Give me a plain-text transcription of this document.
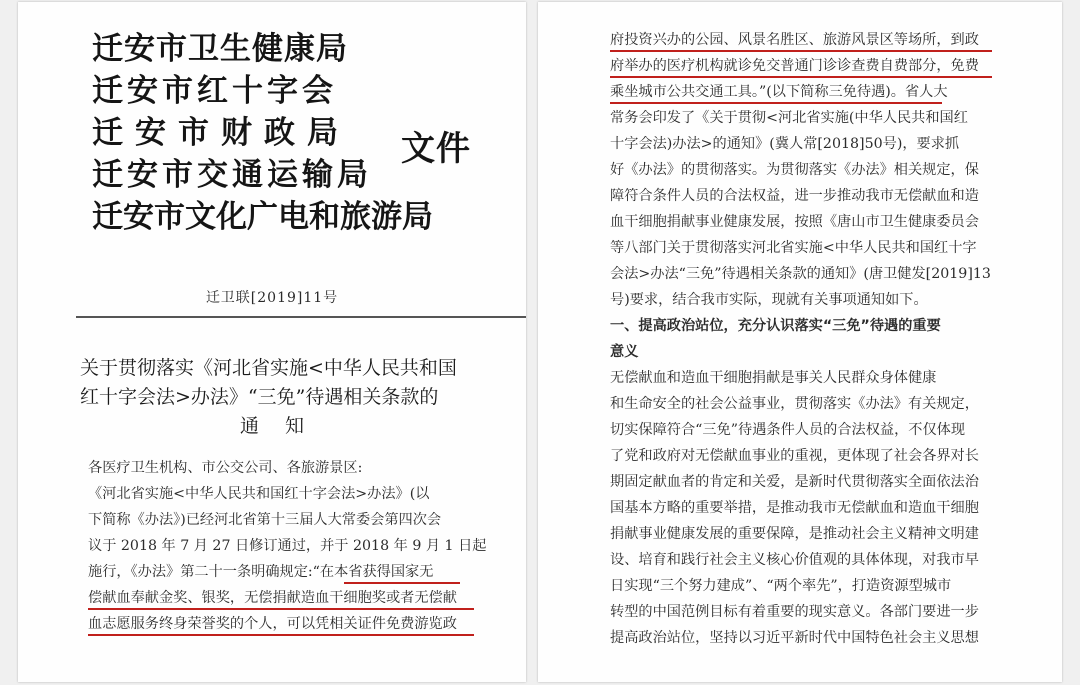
迁安市卫生健康局
迁安市红十字会
迁安市财政局
迁安市交通运输局
迁安市文化广电和旅游局
文件
迁卫联[2019]11号
关于贯彻落实《河北省实施<中华人民共和国
红十字会法>办法》“三免”待遇相关条款的
通知
各医疗卫生机构、市公交公司、各旅游景区:
《河北省实施<中华人民共和国红十字会法>办法》(以
下简称《办法》)已经河北省第十三届人大常委会第四次会
议于 2018 年 7 月 27 日修订通过，并于 2018 年 9 月 1 日起
施行，《办法》第二十一条明确规定:“在本省获得国家无
偿献血奉献金奖、银奖，无偿捐献造血干细胞奖或者无偿献
血志愿服务终身荣誉奖的个人，可以凭相关证件免费游览政
府投资兴办的公园、风景名胜区、旅游风景区等场所，到政
府举办的医疗机构就诊免交普通门诊诊查费自费部分，免费
乘坐城市公共交通工具。”(以下简称三免待遇)。省人大
常务会印发了《关于贯彻<河北省实施(中华人民共和国红
十字会法)办法>的通知》(冀人常[2018]50号)，要求抓
好《办法》的贯彻落实。为贯彻落实《办法》相关规定，保
障符合条件人员的合法权益，进一步推动我市无偿献血和造
血干细胞捐献事业健康发展，按照《唐山市卫生健康委员会
等八部门关于贯彻落实河北省实施<中华人民共和国红十字
会法>办法“三免”待遇相关条款的通知》(唐卫健发[2019]13
号)要求，结合我市实际，现就有关事项通知如下。
一、提高政治站位，充分认识落实“三免”待遇的重要
意义
无偿献血和造血干细胞捐献是事关人民群众身体健康
和生命安全的社会公益事业，贯彻落实《办法》有关规定，
切实保障符合“三免”待遇条件人员的合法权益，不仅体现
了党和政府对无偿献血事业的重视，更体现了社会各界对长
期固定献血者的肯定和关爱，是新时代贯彻落实全面依法治
国基本方略的重要举措，是推动我市无偿献血和造血干细胞
捐献事业健康发展的重要保障，是推动社会主义精神文明建
设、培育和践行社会主义核心价值观的具体体现，对我市早
日实现“三个努力建成”、“两个率先”，打造资源型城市
转型的中国范例目标有着重要的现实意义。各部门要进一步
提高政治站位，坚持以习近平新时代中国特色社会主义思想
